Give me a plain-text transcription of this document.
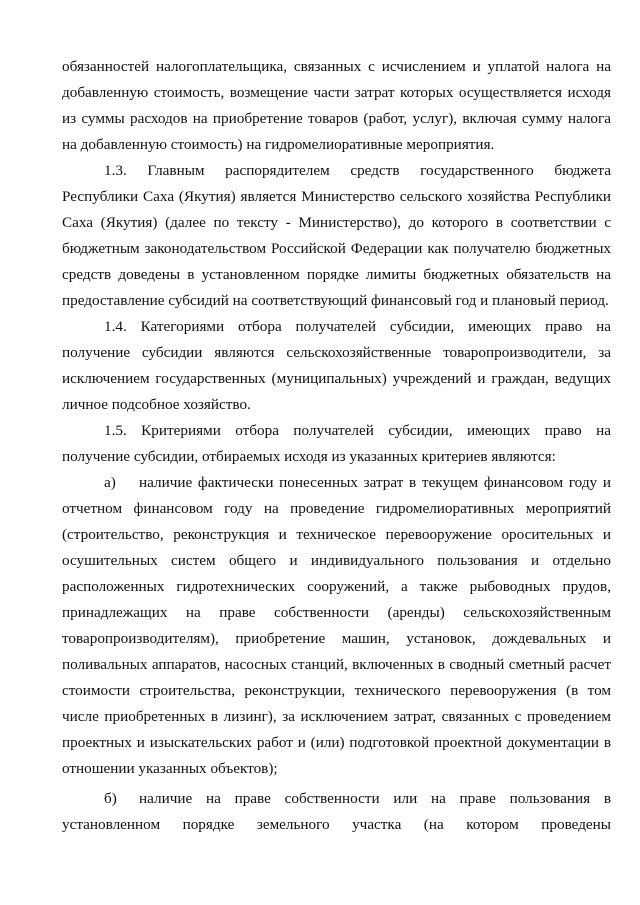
обязанностей налогоплательщика, связанных с исчислением и уплатой налога на
добавленную стоимость, возмещение части затрат которых осуществляется исходя
из суммы расходов на приобретение товаров (работ, услуг), включая сумму налога
на добавленную стоимость) на гидромелиоративные мероприятия.
1.3. Главным распорядителем средств государственного бюджета
Республики Саха (Якутия) является Министерство сельского хозяйства Республики
Саха (Якутия) (далее по тексту - Министерство), до которого в соответствии с
бюджетным законодательством Российской Федерации как получателю бюджетных
средств доведены в установленном порядке лимиты бюджетных обязательств на
предоставление субсидий на соответствующий финансовый год и плановый период.
1.4. Категориями отбора получателей субсидии, имеющих право на
получение субсидии являются сельскохозяйственные товаропроизводители, за
исключением государственных (муниципальных) учреждений и граждан, ведущих
личное подсобное хозяйство.
1.5. Критериями отбора получателей субсидии, имеющих право на
получение субсидии, отбираемых исходя из указанных критериев являются:
а) наличие фактически понесенных затрат в текущем финансовом году и
отчетном финансовом году на проведение гидромелиоративных мероприятий
(строительство, реконструкция и техническое перевооружение оросительных и
осушительных систем общего и индивидуального пользования и отдельно
расположенных гидротехнических сооружений, а также рыбоводных прудов,
принадлежащих на праве собственности (аренды) сельскохозяйственным
товаропроизводителям), приобретение машин, установок, дождевальных и
поливальных аппаратов, насосных станций, включенных в сводный сметный расчет
стоимости строительства, реконструкции, технического перевооружения (в том
числе приобретенных в лизинг), за исключением затрат, связанных с проведением
проектных и изыскательских работ и (или) подготовкой проектной документации в
отношении указанных объектов);
б) наличие на праве собственности или на праве пользования в
установленном порядке земельного участка (на котором проведены
